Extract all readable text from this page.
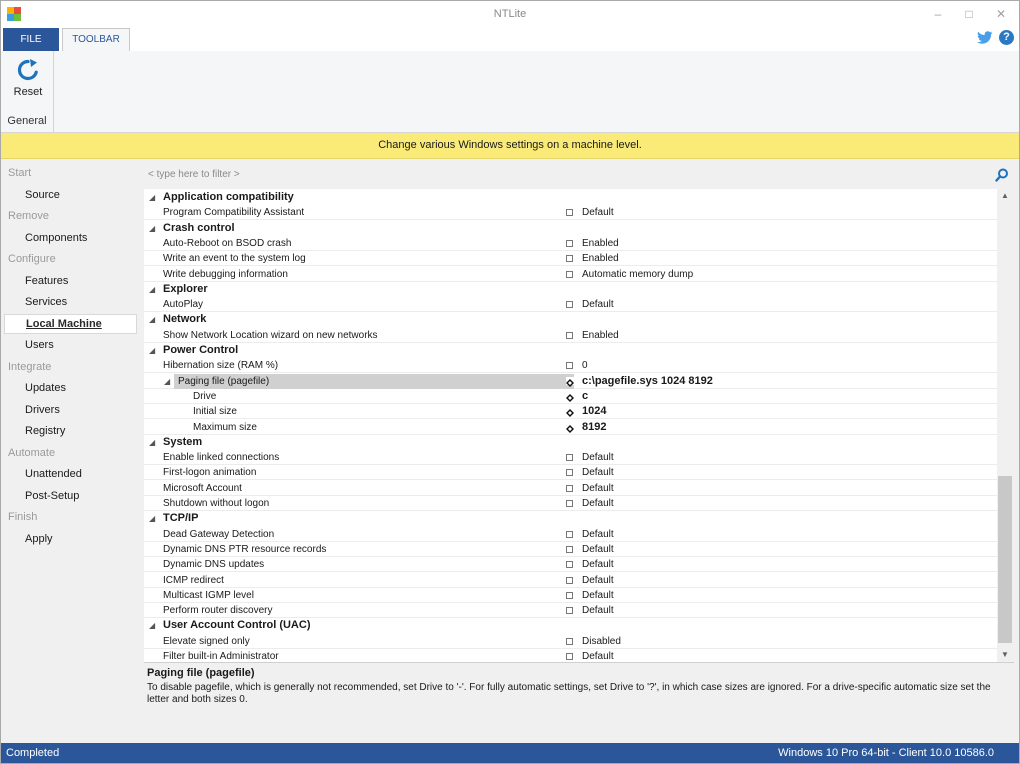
NTLite	–	□	✕
FILE	TOOLBAR	?
Reset
General
Change various Windows settings on a machine level.
Start
Source
Remove
Components
Configure
Features
Services
Local Machine
Users
Integrate
Updates
Drivers
Registry
Automate
Unattended
Post-Setup
Finish
Apply
< type here to filter >
◢ Application compatibility
Program Compatibility Assistant	Default
◢ Crash control
Auto-Reboot on BSOD crash	Enabled
Write an event to the system log	Enabled
Write debugging information	Automatic memory dump
◢ Explorer
AutoPlay	Default
◢ Network
Show Network Location wizard on new networks	Enabled
◢ Power Control
Hibernation size (RAM %)	0
◢ Paging file (pagefile)	c:\pagefile.sys 1024 8192
Drive	c
Initial size	1024
Maximum size	8192
◢ System
Enable linked connections	Default
First-logon animation	Default
Microsoft Account	Default
Shutdown without logon	Default
◢ TCP/IP
Dead Gateway Detection	Default
Dynamic DNS PTR resource records	Default
Dynamic DNS updates	Default
ICMP redirect	Default
Multicast IGMP level	Default
Perform router discovery	Default
◢ User Account Control (UAC)
Elevate signed only	Disabled
Filter built-in Administrator	Default
▲
▼
Paging file (pagefile)
To disable pagefile, which is generally not recommended, set Drive to '-'. For fully automatic settings, set Drive to '?', in which case sizes are ignored. For a drive-specific automatic size set the letter and both sizes 0.
Completed	Windows 10 Pro 64-bit - Client 10.0 10586.0
